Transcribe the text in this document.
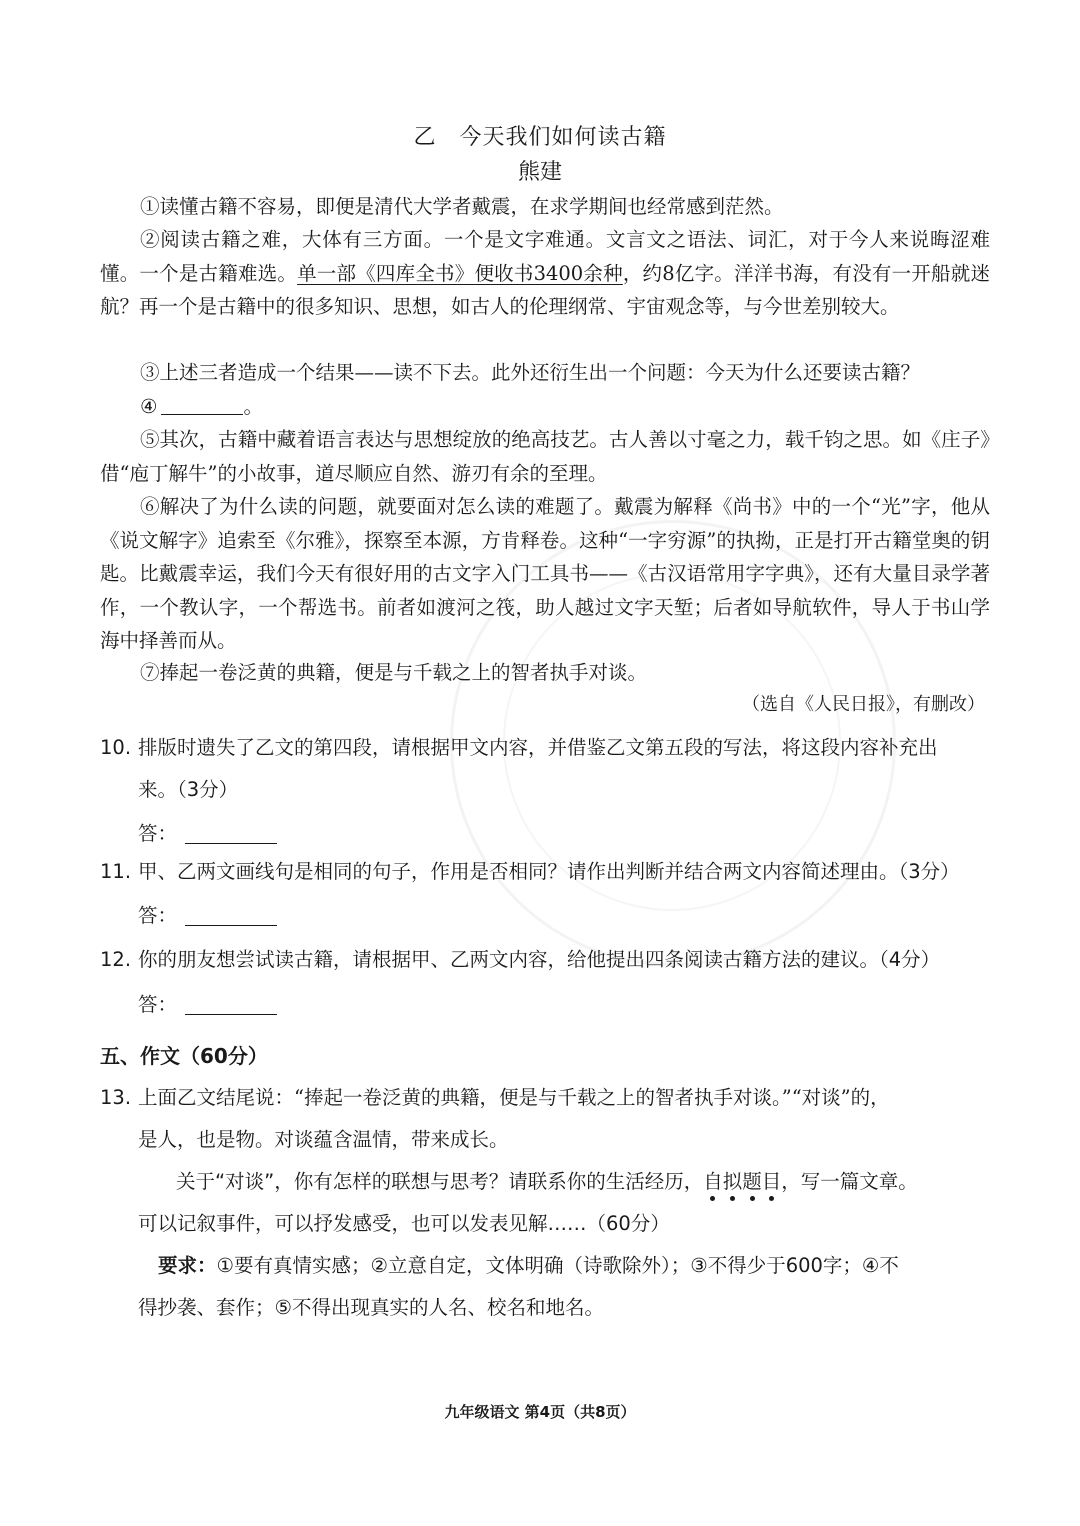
乙　今天我们如何读古籍
熊建
①读懂古籍不容易，即便是清代大学者戴震，在求学期间也经常感到茫然。
②阅读古籍之难，大体有三方面。一个是文字难通。文言文之语法、词汇，对于今人来说晦涩难懂。一个是古籍难选。单一部《四库全书》便收书3400余种，约8亿字。洋洋书海，有没有一开船就迷航？再一个是古籍中的很多知识、思想，如古人的伦理纲常、宇宙观念等，与今世差别较大。
③上述三者造成一个结果——读不下去。此外还衍生出一个问题：今天为什么还要读古籍？
④	。
⑤其次，古籍中藏着语言表达与思想绽放的绝高技艺。古人善以寸毫之力，载千钧之思。如《庄子》借“庖丁解牛”的小故事，道尽顺应自然、游刃有余的至理。
⑥解决了为什么读的问题，就要面对怎么读的难题了。戴震为解释《尚书》中的一个“光”字，他从《说文解字》追索至《尔雅》，探察至本源，方肯释卷。这种“一字穷源”的执拗，正是打开古籍堂奥的钥匙。比戴震幸运，我们今天有很好用的古文字入门工具书——《古汉语常用字字典》，还有大量目录学著作，一个教认字，一个帮选书。前者如渡河之筏，助人越过文字天堑；后者如导航软件，导人于书山学海中择善而从。
⑦捧起一卷泛黄的典籍，便是与千载之上的智者执手对谈。
（选自《人民日报》，有删改）
10. 排版时遗失了乙文的第四段，请根据甲文内容，并借鉴乙文第五段的写法，将这段内容补充出
来。（3分）
答：
11. 甲、乙两文画线句是相同的句子，作用是否相同？请作出判断并结合两文内容简述理由。（3分）
答：
12. 你的朋友想尝试读古籍，请根据甲、乙两文内容，给他提出四条阅读古籍方法的建议。（4分）
答：
五、作文（60分）
13. 上面乙文结尾说：“捧起一卷泛黄的典籍，便是与千载之上的智者执手对谈。”“对谈”的，
是人，也是物。对谈蕴含温情，带来成长。
关于“对谈”，你有怎样的联想与思考？请联系你的生活经历，自拟题目，写一篇文章。
可以记叙事件，可以抒发感受，也可以发表见解……（60分）
要求：①要有真情实感；②立意自定，文体明确（诗歌除外）；③不得少于600字；④不
得抄袭、套作；⑤不得出现真实的人名、校名和地名。
九年级语文 第4页（共8页）
